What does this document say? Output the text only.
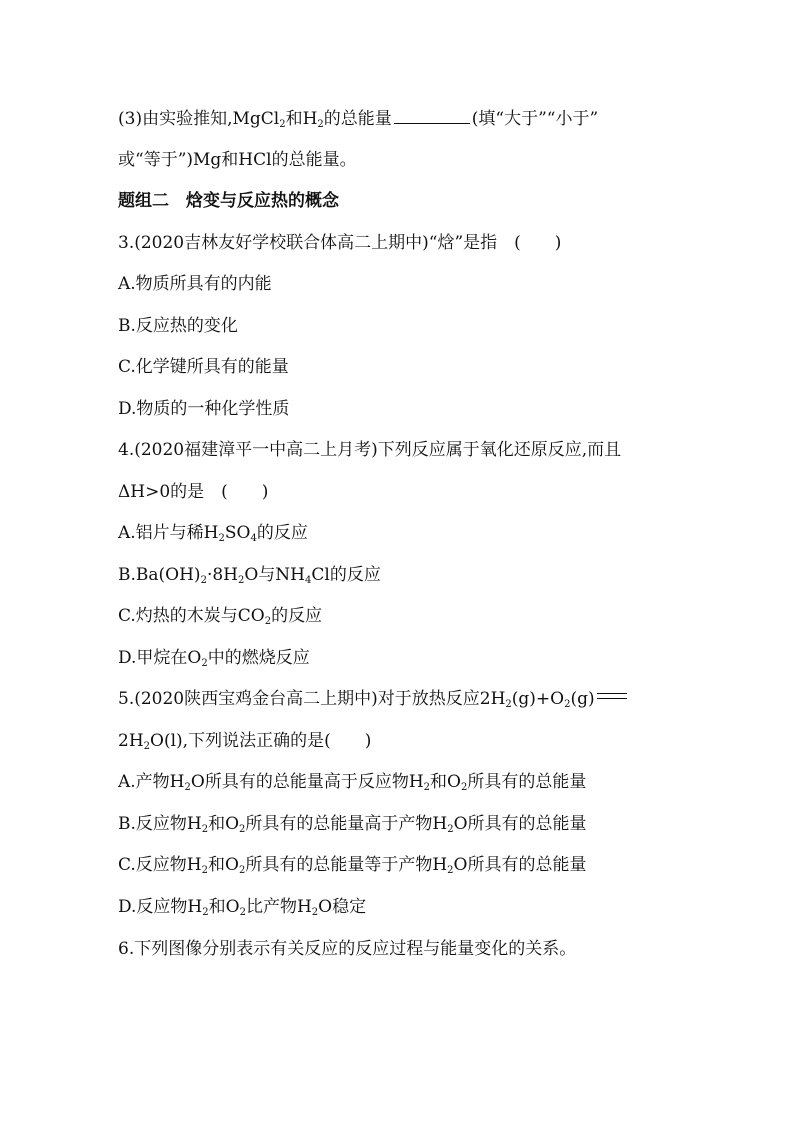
(3)由实验推知,MgCl$_2$和$H_2$的总能量	(填“大于”“小于”

或“等于”)Mg和HCl的总能量。

题组二　焓变与反应热的概念

3.(2020吉林友好学校联合体高二上期中)“焓”是指　(　　)

A.物质所具有的内能

B.反应热的变化

C.化学键所具有的能量

D.物质的一种化学性质

4.(2020福建漳平一中高二上月考)下列反应属于氧化还原反应,而且

ΔH>0的是　(　　)

A.铝片与稀$H_2SO_4$的反应

$B.Ba(OH)_2\cdot 8H_2O$与$NH_4Cl$的反应

C.灼热的木炭与$CO_2$的反应

D.甲烷在$O_2$中的燃烧反应

5.(2020陕西宝鸡金台高二上期中)对于放热反应$2H_2(g)+O_2(g)$

$2H_2O(l)$,下列说法正确的是(　　)

A.产物$H_2O$所具有的总能量高于反应物$H_2$和$O_2$所具有的总能量

B.反应物$H_2$和$O_2$所具有的总能量高于产物$H_2O$所具有的总能量

C.反应物$H_2$和$O_2$所具有的总能量等于产物$H_2O$所具有的总能量

D.反应物$H_2$和$O_2$比产物$H_2O$稳定

6.下列图像分别表示有关反应的反应过程与能量变化的关系。
